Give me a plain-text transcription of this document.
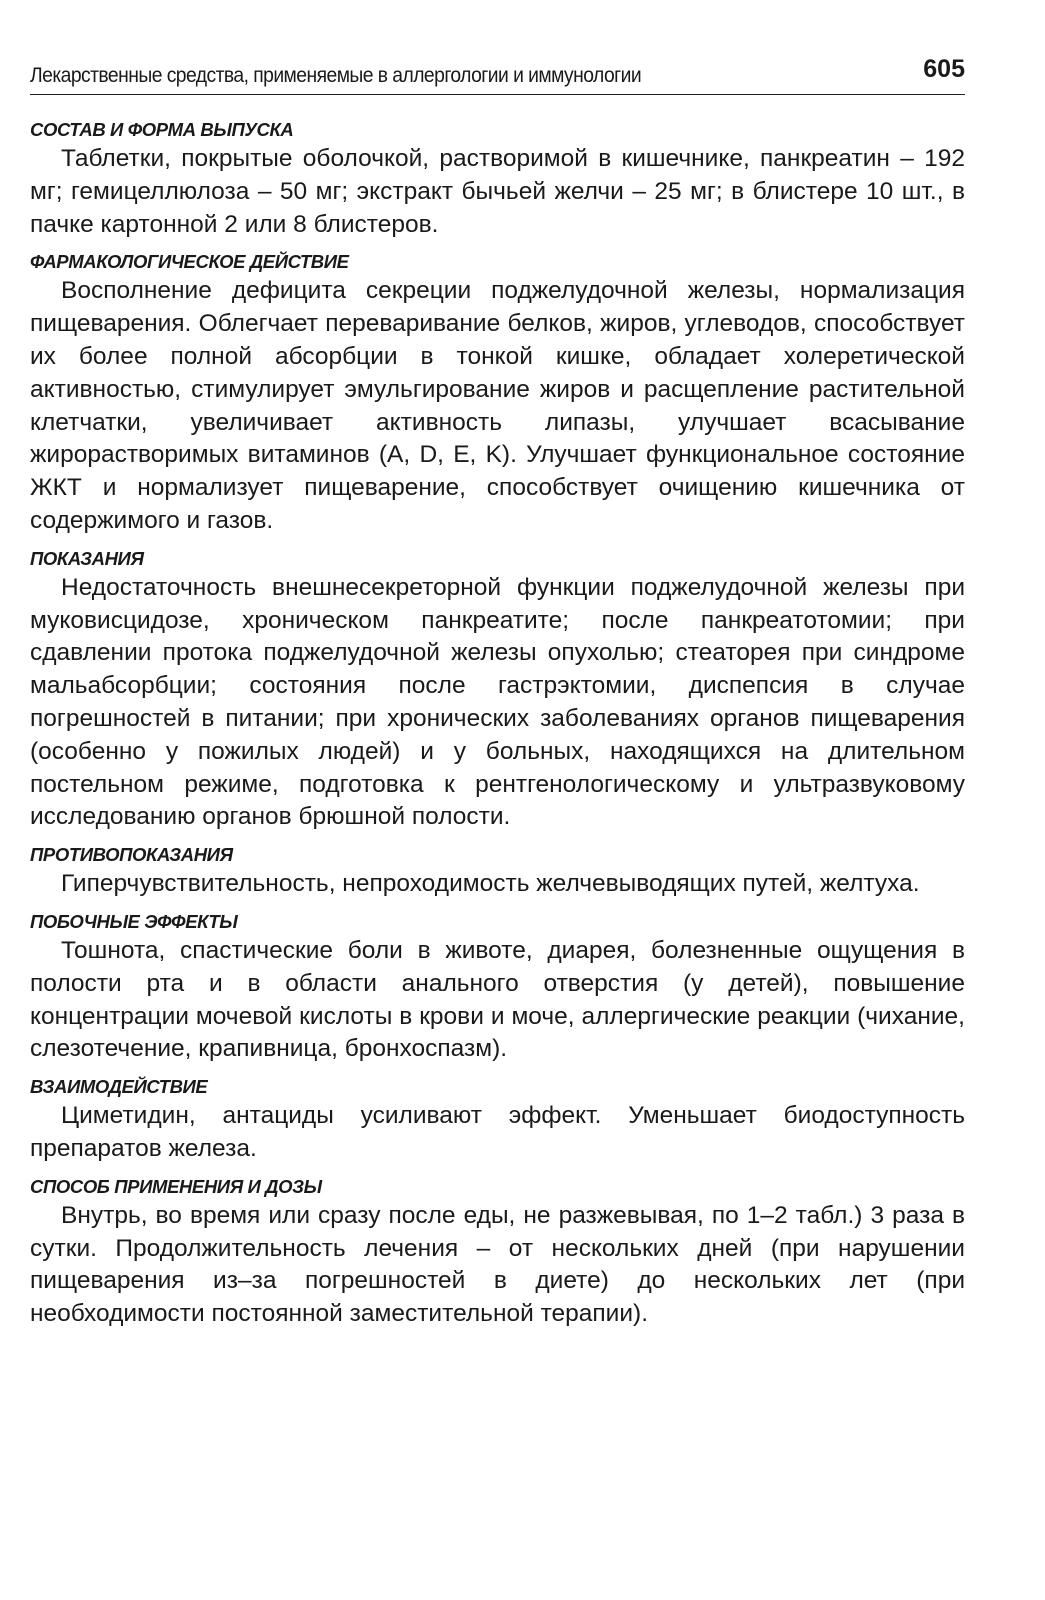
Лекарственные средства, применяемые в аллергологии и иммунологии	605
СОСТАВ И ФОРМА ВЫПУСКА

Таблетки, покрытые оболочкой, растворимой в кишечнике, панкреатин – 192 мг; гемицеллюлоза – 50 мг; экстракт бычьей желчи – 25 мг; в блистере 10 шт., в пачке картонной 2 или 8 блистеров.

ФАРМАКОЛОГИЧЕСКОЕ ДЕЙСТВИЕ

Восполнение дефицита секреции поджелудочной железы, нормализация пищеварения. Облегчает переваривание белков, жиров, углеводов, способствует их более полной абсорбции в тонкой кишке, обладает холеретической активностью, стимулирует эмульгирование жиров и расщепление растительной клетчатки, увеличивает активность липазы, улучшает всасывание жирорастворимых витаминов (A, D, E, K). Улучшает функциональное состояние ЖКТ и нормализует пищеварение, способствует очищению кишечника от содержимого и газов.

ПОКАЗАНИЯ

Недостаточность внешнесекреторной функции поджелудочной железы при муковисцидозе, хроническом панкреатите; после панкреатотомии; при сдавлении протока поджелудочной железы опухолью; стеаторея при синдроме мальабсорбции; состояния после гастрэктомии, диспепсия в случае погрешностей в питании; при хронических заболеваниях органов пищеварения (особенно у пожилых людей) и у больных, находящихся на длительном постельном режиме, подготовка к рентгенологическому и ультразвуковому исследованию органов брюшной полости.

ПРОТИВОПОКАЗАНИЯ

Гиперчувствительность, непроходимость желчевыводящих путей, желтуха.

ПОБОЧНЫЕ ЭФФЕКТЫ

Тошнота, спастические боли в животе, диарея, болезненные ощущения в полости рта и в области анального отверстия (у детей), повышение концентрации мочевой кислоты в крови и моче, аллергические реакции (чихание, слезотечение, крапивница, бронхоспазм).

ВЗАИМОДЕЙСТВИЕ

Циметидин, антациды усиливают эффект. Уменьшает биодоступность препаратов железа.

СПОСОБ ПРИМЕНЕНИЯ И ДОЗЫ

Внутрь, во время или сразу после еды, не разжевывая, по 1–2 табл.) 3 раза в сутки. Продолжительность лечения – от нескольких дней (при нарушении пищеварения из–за погрешностей в диете) до нескольких лет (при необходимости постоянной заместительной терапии).
